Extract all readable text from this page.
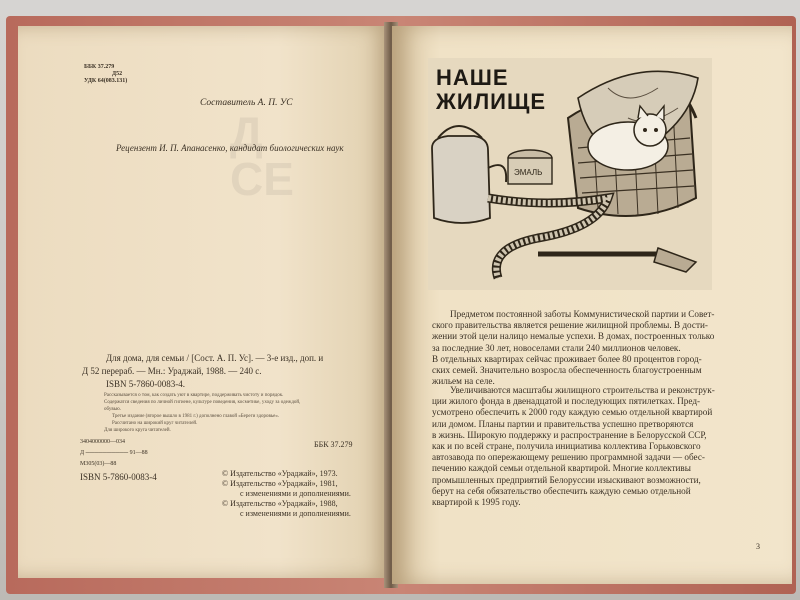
Д
СЕ

ББК 37.279

Д52

УДК 64(083.131)

Составитель А. П. УС

Рецензент И. П. Апанасенко, кандидат биологических наук

Для дома, для семьи / [Сост. А. П. Ус]. — 3-е изд., доп. и

Д 52 перераб. — Мн.: Ураджай, 1988. — 240 с.

ISBN 5-7860-0083-4.

Рассказывается о том, как создать уют в квартире, поддерживать чистоту и порядок.

Содержатся сведения по личной гигиене, культуре поведения, косметике, уходу за одеждой,

обувью.

Третье издание (второе вышло в 1981 г.) дополнено главой «Береги здоровье».

Рассчитано на широкий круг читателей.

Для широкого круга читателей.

3404000000—034

Д ────────── 91—88

М305(03)—88

ББК 37.279

ISBN 5-7860-0083-4	© Издательство «Ураджай», 1973.

© Издательство «Ураджай», 1981,

с изменениями и дополнениями.

© Издательство «Ураджай», 1988,

с изменениями и дополнениями.

ЭМАЛЬ
НАШЕ
ЖИЛИЩЕ
Предметом постоянной заботы Коммунистической партии и Совет-
ского правительства является решение жилищной проблемы. В дости-
жении этой цели налицо немалые успехи. В домах, построенных только
за последние 30 лет, новоселами стали 240 миллионов человек.
В отдельных квартирах сейчас проживает более 80 процентов город-
ских семей. Значительно возросла обеспеченность благоустроенным
жильем на селе.
Увеличиваются масштабы жилищного строительства и реконструк-
ции жилого фонда в двенадцатой и последующих пятилетках. Пред-
усмотрено обеспечить к 2000 году каждую семью отдельной квартирой
или домом. Планы партии и правительства успешно претворяются
в жизнь. Широкую поддержку и распространение в Белорусской ССР,
как и по всей стране, получила инициатива коллектива Горьковского
автозавода по опережающему решению программной задачи — обес-
печению каждой семьи отдельной квартирой. Многие коллективы
промышленных предприятий Белоруссии изыскивают возможности,
берут на себя обязательство обеспечить каждую семью отдельной
квартирой к 1995 году.

3
